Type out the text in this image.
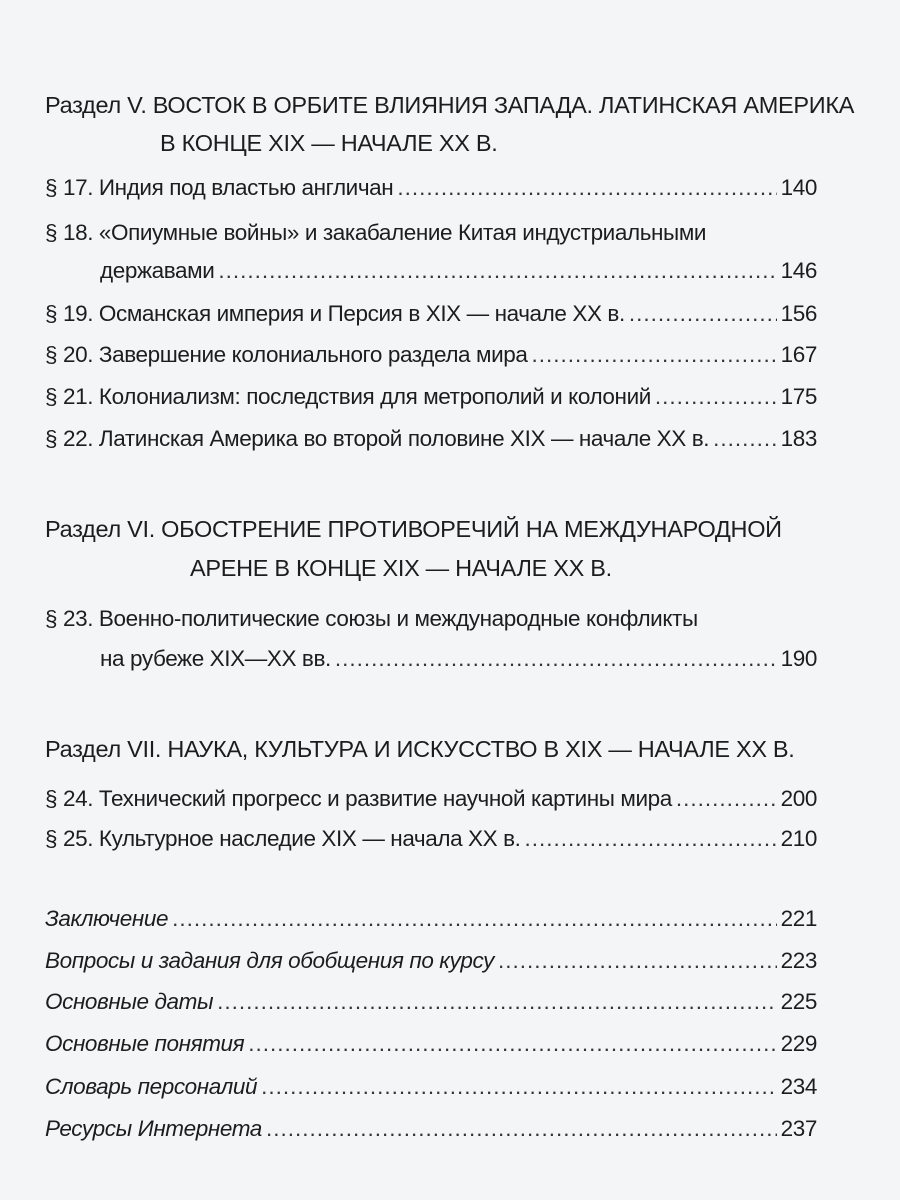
Раздел V. ВОСТОК В ОРБИТЕ ВЛИЯНИЯ ЗАПАДА. ЛАТИНСКАЯ АМЕРИКА
В КОНЦЕ XIX — НАЧАЛЕ XX В.
§ 17. Индия под властью англичан .....	140
§ 18. «Опиумные войны» и закабаление Китая индустриальными
державами .....	146
§ 19. Османская империя и Персия в XIX — начале XX в. .....	156
§ 20. Завершение колониального раздела мира .....	167
§ 21. Колониализм: последствия для метрополий и колоний .....	175
§ 22. Латинская Америка во второй половине XIX — начале XX в. .....	183
Раздел VI. ОБОСТРЕНИЕ ПРОТИВОРЕЧИЙ НА МЕЖДУНАРОДНОЙ
АРЕНЕ В КОНЦЕ XIX — НАЧАЛЕ XX В.
§ 23. Военно-политические союзы и международные конфликты
на рубеже XIX—XX вв. .....	190
Раздел VII. НАУКА, КУЛЬТУРА И ИСКУССТВО В XIX — НАЧАЛЕ XX В.
§ 24. Технический прогресс и развитие научной картины мира .....	200
§ 25. Культурное наследие XIX — начала XX в. .....	210
Заключение .....	221
Вопросы и задания для обобщения по курсу .....	223
Основные даты .....	225
Основные понятия .....	229
Словарь персоналий .....	234
Ресурсы Интернета .....	237
